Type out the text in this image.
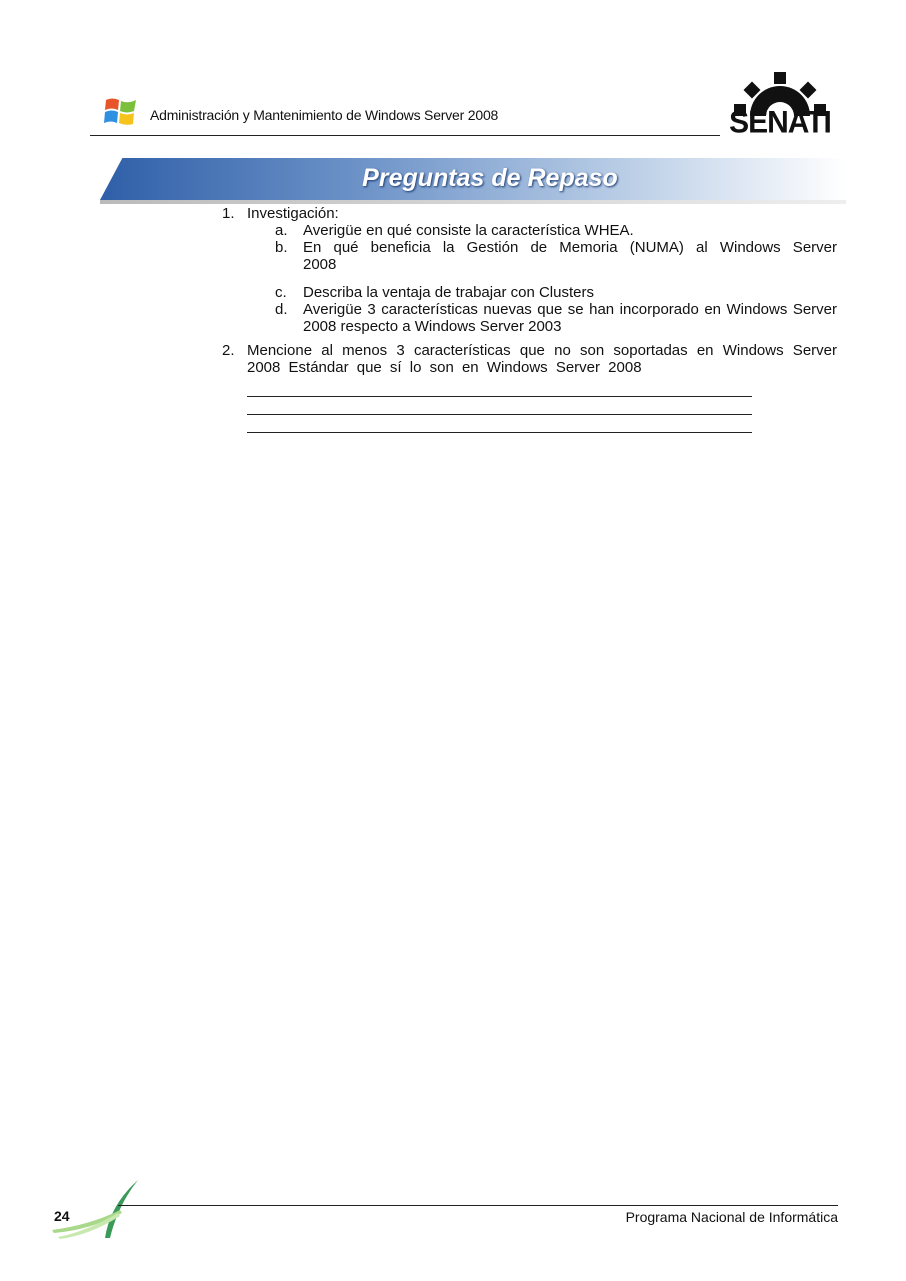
Administración y Mantenimiento de Windows Server 2008	SENATI
Preguntas de Repaso
1. Investigación:
a. Averigüe en qué consiste la característica WHEA.
b. En qué beneficia la Gestión de Memoria (NUMA) al Windows Server 2008
c. Describa la ventaja de trabajar con Clusters
d. Averigüe 3 características nuevas que se han incorporado en Windows Server 2008 respecto a Windows Server 2003
2. Mencione al menos 3 características que no son soportadas en Windows Server 2008 Estándar que sí lo son en Windows Server 2008
24	Programa Nacional de Informática
